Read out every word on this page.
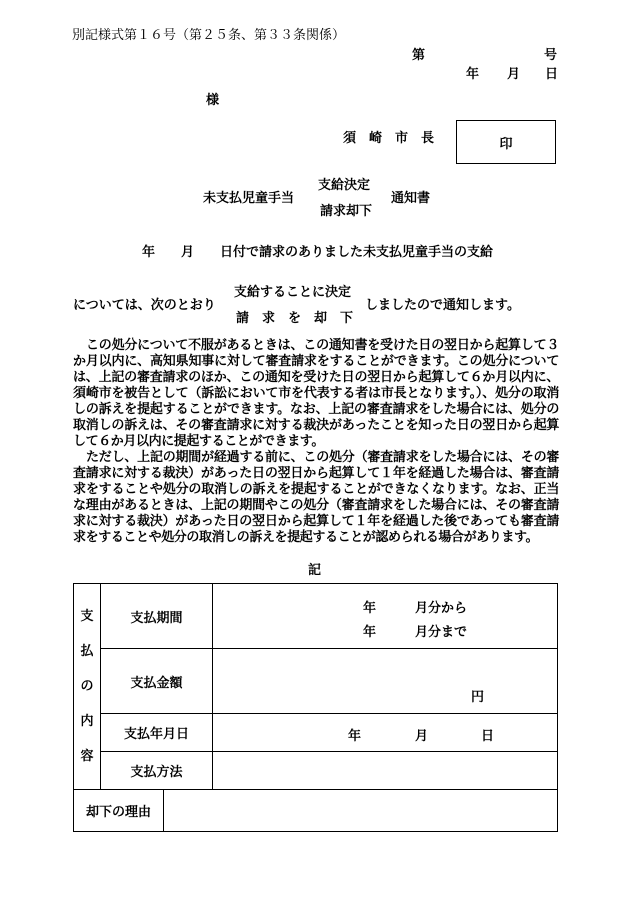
別記様式第１６号（第２５条、第３３条関係）
第	号
年 月 日
様
須　崎　市　長	印
未支払児童手当
支給決定
請求却下
通知書
年　　月　　日付で請求のありました未支払児童手当の支給
支給することに決定
については、次のとおり	しましたので通知します。
請　求　を　却　下

この処分について不服があるときは、この通知書を受けた日の翌日から起算して３か月以内に、高知県知事に対して審査請求をすることができます。この処分については、上記の審査請求のほか、この通知を受けた日の翌日から起算して６か月以内に、須崎市を被告として（訴訟において市を代表する者は市長となります。）、処分の取消しの訴えを提起することができます。なお、上記の審査請求をした場合には、処分の取消しの訴えは、その審査請求に対する裁決があったことを知った日の翌日から起算して６か月以内に提起することができます。

ただし、上記の期間が経過する前に、この処分（審査請求をした場合には、その審査請求に対する裁決）があった日の翌日から起算して１年を経過した場合は、審査請求をすることや処分の取消しの訴えを提起することができなくなります。なお、正当な理由があるときは、上記の期間やこの処分（審査請求をした場合には、その審査請求に対する裁決）があった日の翌日から起算して１年を経過した後であっても審査請求をすることや処分の取消しの訴えを提起することが認められる場合があります。

記
支
払
の
内
容	支払期間		年　　　月分から
年　　　月分まで

	支払金額		円

	支払年月日		年 月 日

	支払方法		
却下の理由			
